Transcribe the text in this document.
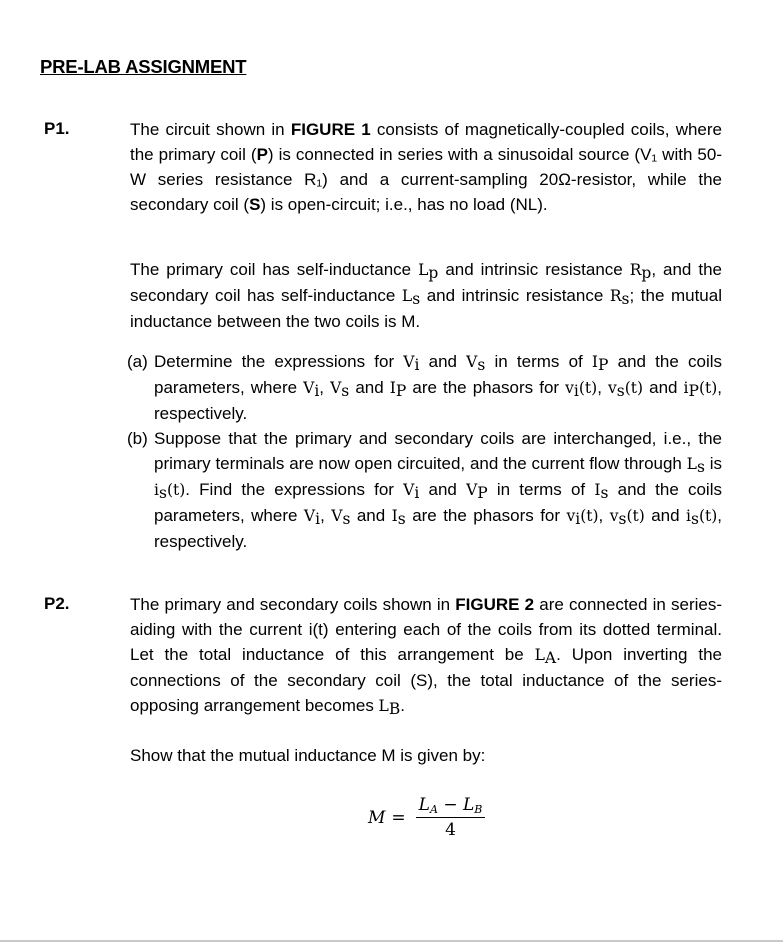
PRE-LAB ASSIGNMENT
P1.	The circuit shown in FIGURE 1 consists of magnetically-coupled coils, where the primary coil (P) is connected in series with a sinusoidal source (V₁ with 50-W series resistance R₁) and a current-sampling 20Ω-resistor, while the secondary coil (S) is open-circuit; i.e., has no load (NL).
The primary coil has self-inductance $L_p$ and intrinsic resistance $R_p$, and the secondary coil has self-inductance $L_s$ and intrinsic resistance $R_s$; the mutual inductance between the two coils is M.
(a) Determine the expressions for $V_i$ and $V_s$ in terms of $I_P$ and the coils parameters, where $V_i$, $V_s$ and $I_P$ are the phasors for $v_i(t)$, $v_s(t)$ and $i_P(t)$, respectively.
(b) Suppose that the primary and secondary coils are interchanged, i.e., the primary terminals are now open circuited, and the current flow through $L_s$ is $i_s(t)$. Find the expressions for $V_i$ and $V_P$ in terms of $I_s$ and the coils parameters, where $V_i$, $V_s$ and $I_s$ are the phasors for $v_i(t)$, $v_s(t)$ and $i_s(t)$, respectively.
P2.	The primary and secondary coils shown in FIGURE 2 are connected in series-aiding with the current i(t) entering each of the coils from its dotted terminal. Let the total inductance of this arrangement be $L_A$. Upon inverting the connections of the secondary coil (S), the total inductance of the series-opposing arrangement becomes $L_B$.
Show that the mutual inductance M is given by:
$M = \frac{L_A - L_B}{4}$
